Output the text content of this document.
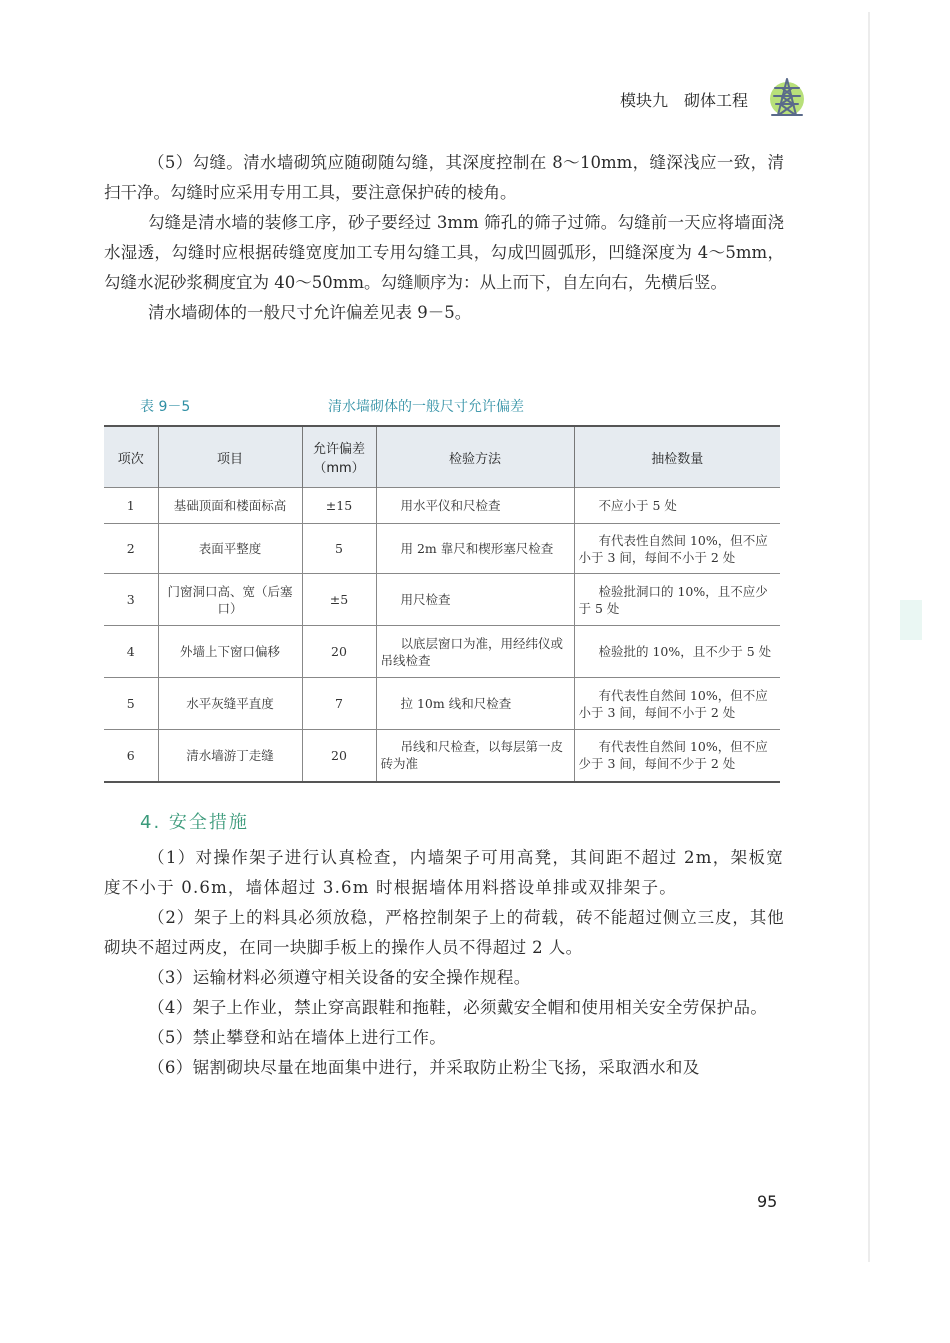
模块九 砌体工程

（5）勾缝。清水墙砌筑应随砌随勾缝，其深度控制在 8～10mm，缝深浅应一致，清扫干净。勾缝时应采用专用工具，要注意保护砖的棱角。

勾缝是清水墙的装修工序，砂子要经过 3mm 筛孔的筛子过筛。勾缝前一天应将墙面浇水湿透，勾缝时应根据砖缝宽度加工专用勾缝工具，勾成凹圆弧形，凹缝深度为 4～5mm，勾缝水泥砂浆稠度宜为 40～50mm。勾缝顺序为：从上而下，自左向右，先横后竖。

清水墙砌体的一般尺寸允许偏差见表 9－5。

表 9－5	清水墙砌体的一般尺寸允许偏差
项次	项目	允许偏差（mm）	检验方法	抽检数量
1	基础顶面和楼面标高	±15	用水平仪和尺检查	不应小于 5 处
2	表面平整度	5	用 2m 靠尺和楔形塞尺检查	有代表性自然间 10%，但不应小于 3 间，每间不小于 2 处
3	门窗洞口高、宽（后塞口）	±5	用尺检查	检验批洞口的 10%，且不应少于 5 处
4	外墙上下窗口偏移	20	以底层窗口为准，用经纬仪或吊线检查	检验批的 10%，且不少于 5 处
5	水平灰缝平直度	7	拉 10m 线和尺检查	有代表性自然间 10%，但不应小于 3 间，每间不小于 2 处
6	清水墙游丁走缝	20	吊线和尺检查，以每层第一皮砖为准	有代表性自然间 10%，但不应少于 3 间，每间不少于 2 处
4. 安全措施

（1）对操作架子进行认真检查，内墙架子可用高凳，其间距不超过 2m，架板宽度不小于 0.6m，墙体超过 3.6m 时根据墙体用料搭设单排或双排架子。

（2）架子上的料具必须放稳，严格控制架子上的荷载，砖不能超过侧立三皮，其他砌块不超过两皮，在同一块脚手板上的操作人员不得超过 2 人。

（3）运输材料必须遵守相关设备的安全操作规程。

（4）架子上作业，禁止穿高跟鞋和拖鞋，必须戴安全帽和使用相关安全劳保护品。

（5）禁止攀登和站在墙体上进行工作。

（6）锯割砌块尽量在地面集中进行，并采取防止粉尘飞扬，采取洒水和及

95
